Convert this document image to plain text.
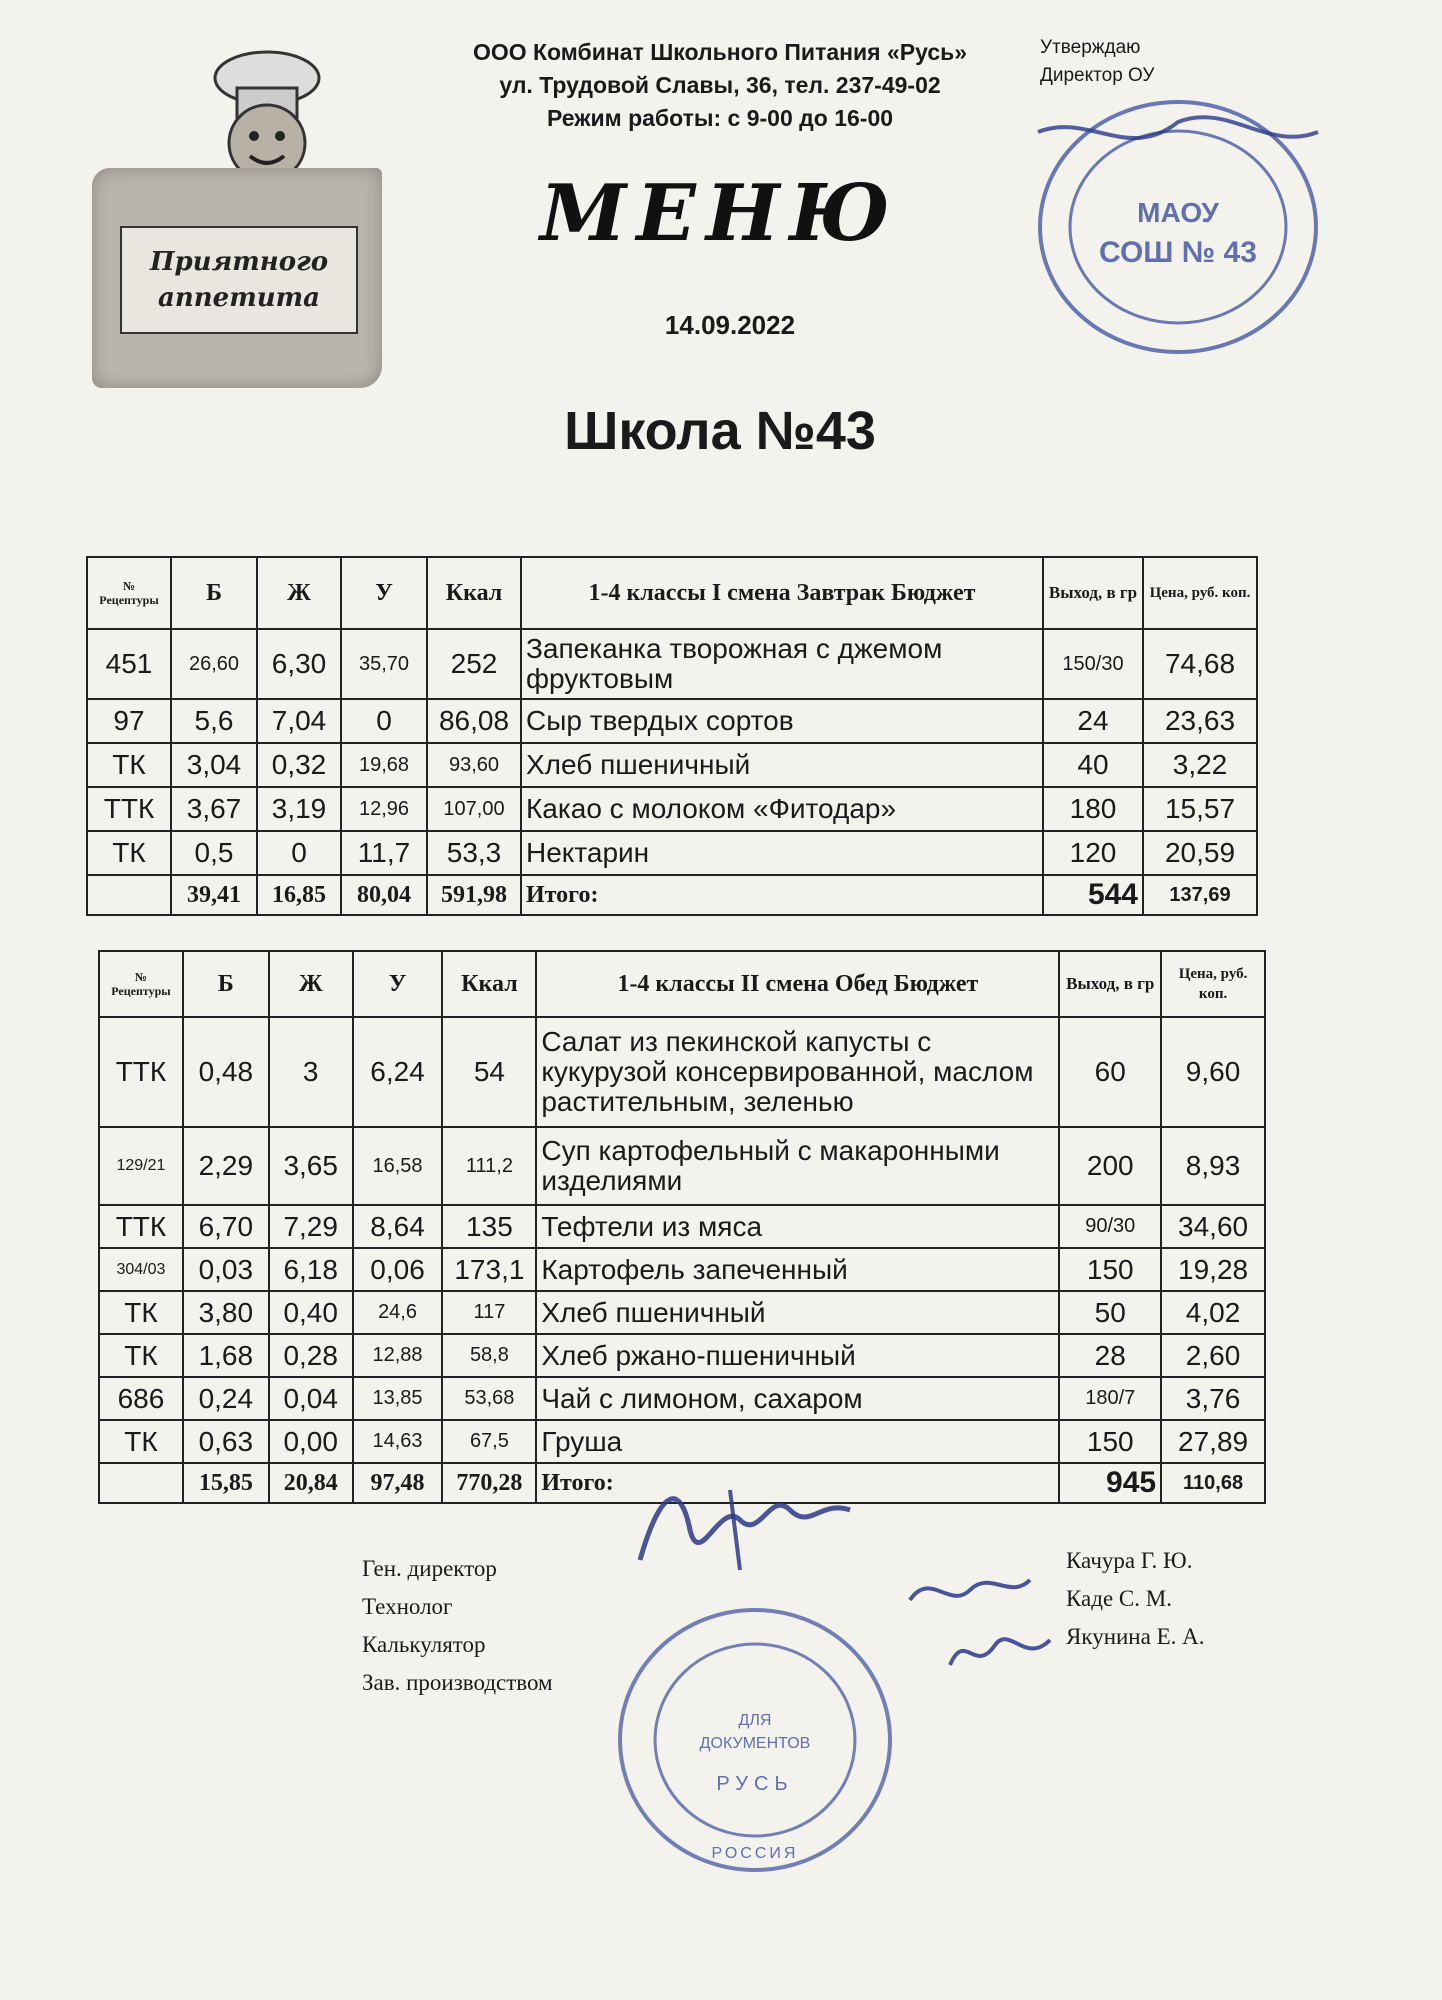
Приятного
аппетита
ООО Комбинат Школьного Питания «Русь»
ул. Трудовой Славы, 36, тел. 237-49-02
Режим работы: с 9-00 до 16-00
Утверждаю
Директор ОУ
МАОУ
СОШ № 43
МЕНЮ
14.09.2022
Школа №43
№ Рецептуры	Б	Ж	У	Ккал	1-4 классы I смена Завтрак Бюджет	Выход, в гр	Цена, руб. коп.
451	26,60	6,30	35,70	252	Запеканка творожная с джемом фруктовым	150/30	74,68
97	5,6	7,04	0	86,08	Сыр твердых сортов	24	23,63
ТК	3,04	0,32	19,68	93,60	Хлеб пшеничный	40	3,22
ТТК	3,67	3,19	12,96	107,00	Какао с молоком «Фитодар»	180	15,57
ТК	0,5	0	11,7	53,3	Нектарин	120	20,59
	39,41	16,85	80,04	591,98	Итого:	544	137,69
№ Рецептуры	Б	Ж	У	Ккал	1-4 классы II смена Обед Бюджет	Выход, в гр	Цена, руб. коп.
ТТК	0,48	3	6,24	54	Салат из пекинской капусты с кукурузой консервированной, маслом растительным, зеленью	60	9,60
129/21	2,29	3,65	16,58	111,2	Суп картофельный с макаронными изделиями	200	8,93
ТТК	6,70	7,29	8,64	135	Тефтели из мяса	90/30	34,60
304/03	0,03	6,18	0,06	173,1	Картофель запеченный	150	19,28
ТК	3,80	0,40	24,6	117	Хлеб пшеничный	50	4,02
ТК	1,68	0,28	12,88	58,8	Хлеб ржано-пшеничный	28	2,60
686	0,24	0,04	13,85	53,68	Чай с лимоном, сахаром	180/7	3,76
ТК	0,63	0,00	14,63	67,5	Груша	150	27,89
	15,85	20,84	97,48	770,28	Итого:	945	110,68
Ген. директор
Технолог
Калькулятор
Зав. производством
Качура Г. Ю.
Каде С. М.
Якунина Е. А.
ДЛЯ
ДОКУМЕНТОВ
РУСЬ
РОССИЯ
